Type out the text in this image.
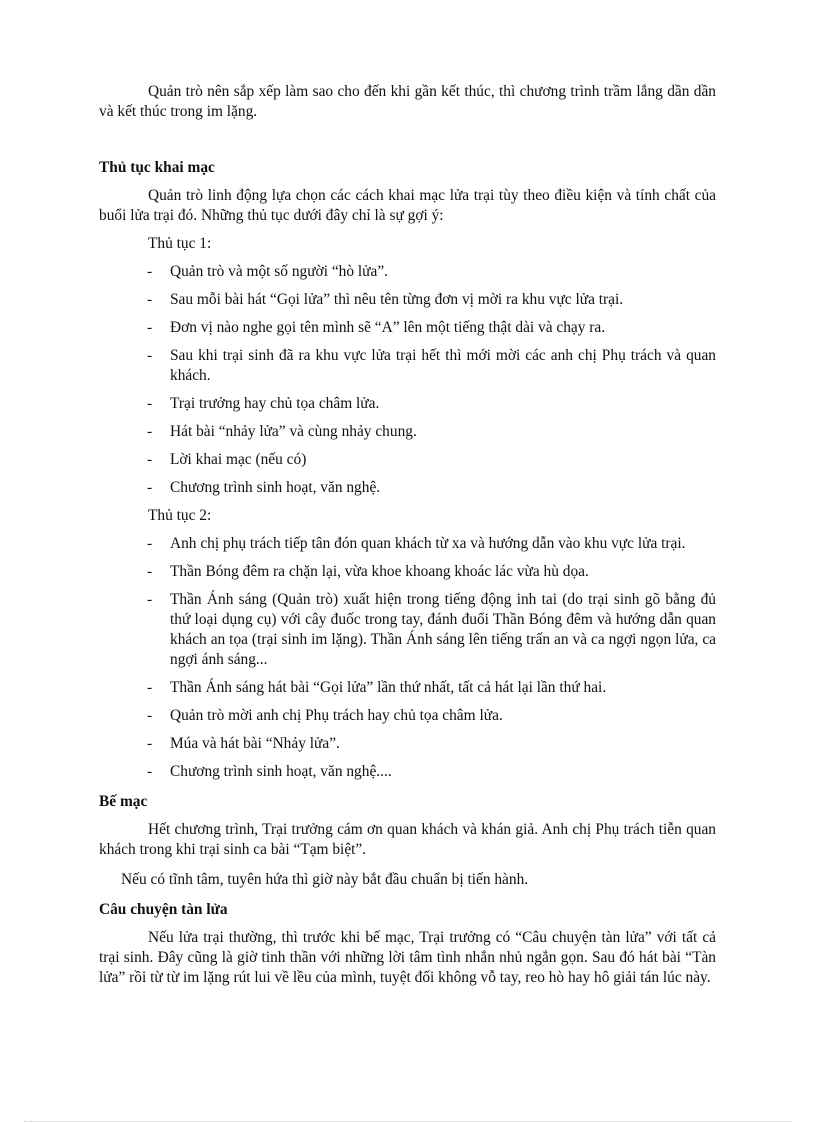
Quản trò nên sắp xếp làm sao cho đến khi gần kết thúc, thì chương trình trầm lắng dần dần và kết thúc trong im lặng.

Thủ tục khai mạc

Quản trò linh động lựa chọn các cách khai mạc lửa trại tùy theo điều kiện và tính chất của buổi lửa trại đó. Những thủ tục dưới đây chỉ là sự gợi ý:

Thủ tục 1:

- Quản trò và một số người “hò lửa”.
- Sau mỗi bài hát “Gọi lửa” thì nêu tên từng đơn vị mời ra khu vực lửa trại.
- Đơn vị nào nghe gọi tên mình sẽ “A” lên một tiếng thật dài và chạy ra.
- Sau khi trại sinh đã ra khu vực lửa trại hết thì mới mời các anh chị Phụ trách và quan khách.
- Trại trưởng hay chủ tọa châm lửa.
- Hát bài “nhảy lửa” và cùng nhảy chung.
- Lời khai mạc (nếu có)
- Chương trình sinh hoạt, văn nghệ.

Thủ tục 2:

- Anh chị phụ trách tiếp tân đón quan khách từ xa và hướng dẫn vào khu vực lửa trại.
- Thần Bóng đêm ra chặn lại, vừa khoe khoang khoác lác vừa hù dọa.
- Thần Ánh sáng (Quản trò) xuất hiện trong tiếng động inh tai (do trại sinh gõ bằng đủ thứ loại dụng cụ) với cây đuốc trong tay, đánh đuổi Thần Bóng đêm và hướng dẫn quan khách an tọa (trại sinh im lặng). Thần Ánh sáng lên tiếng trấn an và ca ngợi ngọn lửa, ca ngợi ánh sáng...
- Thần Ánh sáng hát bài “Gọi lửa” lần thứ nhất, tất cả hát lại lần thứ hai.
- Quản trò mời anh chị Phụ trách hay chủ tọa châm lửa.
- Múa và hát bài “Nhảy lửa”.
- Chương trình sinh hoạt, văn nghệ....

Bế mạc

Hết chương trình, Trại trưởng cám ơn quan khách và khán giả. Anh chị Phụ trách tiễn quan khách trong khi trại sinh ca bài “Tạm biệt”.

Nếu có tĩnh tâm, tuyên hứa thì giờ này bắt đầu chuẩn bị tiến hành.

Câu chuyện tàn lửa

Nếu lửa trại thường, thì trước khi bế mạc, Trại trưởng có “Câu chuyện tàn lửa” với tất cả trại sinh. Đây cũng là giờ tinh thần với những lời tâm tình nhắn nhủ ngắn gọn. Sau đó hát bài “Tàn lửa” rồi từ từ im lặng rút lui về lều của mình, tuyệt đối không vỗ tay, reo hò hay hô giải tán lúc này.
